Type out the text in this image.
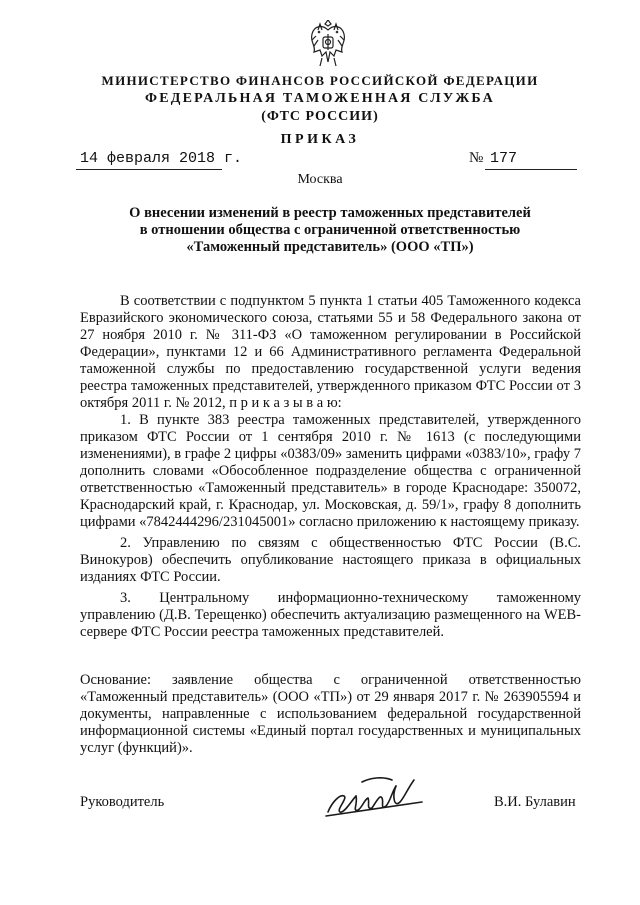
МИНИСТЕРСТВО ФИНАНСОВ РОССИЙСКОЙ ФЕДЕРАЦИИ
ФЕДЕРАЛЬНАЯ ТАМОЖЕННАЯ СЛУЖБА
(ФТС РОССИИ)
ПРИКАЗ
14 февраля 2018 г.	№ 177
Москва
О внесении изменений в реестр таможенных представителей
в отношении общества с ограниченной ответственностью
«Таможенный представитель» (ООО «ТП»)

В соответствии с подпунктом 5 пункта 1 статьи 405 Таможенного кодекса Евразийского экономического союза, статьями 55 и 58 Федерального закона от 27 ноября 2010 г. № 311-ФЗ «О таможенном регулировании в Российской Федерации», пунктами 12 и 66 Административного регламента Федеральной таможенной службы по предоставлению государственной услуги ведения реестра таможенных представителей, утвержденного приказом ФТС России от 3 октября 2011 г. № 2012, п р и к а з ы в а ю:

1. В пункте 383 реестра таможенных представителей, утвержденного приказом ФТС России от 1 сентября 2010 г. № 1613 (с последующими изменениями), в графе 2 цифры «0383/09» заменить цифрами «0383/10», графу 7 дополнить словами «Обособленное подразделение общества с ограниченной ответственностью «Таможенный представитель» в городе Краснодаре: 350072, Краснодарский край, г. Краснодар, ул. Московская, д. 59/1», графу 8 дополнить цифрами «7842444296/231045001» согласно приложению к настоящему приказу.

2. Управлению по связям с общественностью ФТС России (В.С. Винокуров) обеспечить опубликование настоящего приказа в официальных изданиях ФТС России.

3. Центральному информационно-техническому таможенному управлению (Д.В. Терещенко) обеспечить актуализацию размещенного на WEB-сервере ФТС России реестра таможенных представителей.

Основание: заявление общества с ограниченной ответственностью «Таможенный представитель» (ООО «ТП») от 29 января 2017 г. № 263905594 и документы, направленные с использованием федеральной государственной информационной системы «Единый портал государственных и муниципальных услуг (функций)».

Руководитель	В.И. Булавин
